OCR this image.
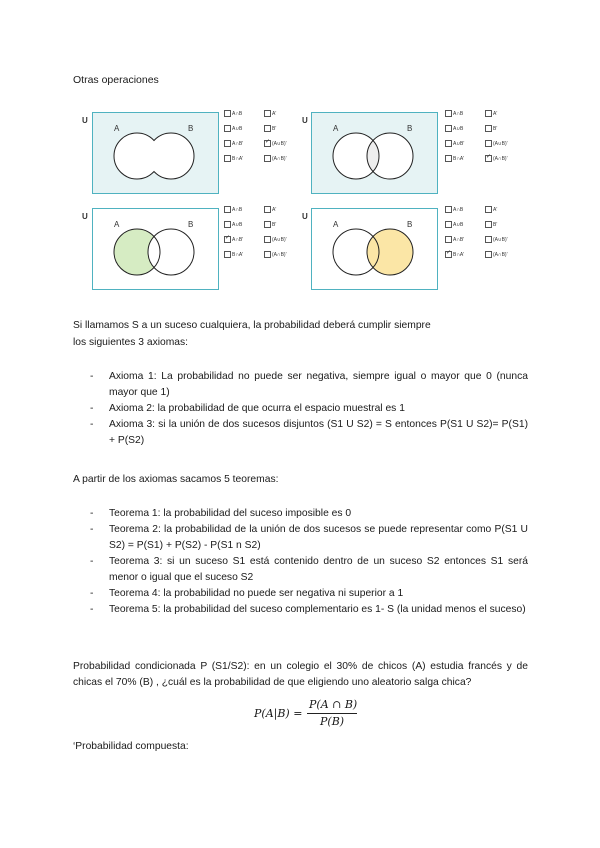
Otras operaciones
U
A	B
A∩B
A∪B
A∩B'
B∩A'
A'
B'
✓(A∪B)'
(A∩B)'
U
A	B
A∩B
A∪B
A∪B'
B∩A'
A'
B'
(A∪B)'
✓(A∩B)'
U
A	B
A∩B
A∪B
✓A∩B'
B∩A'
A'
B'
(A∪B)'
(A∩B)'
U
A	B
A∩B
A∪B
A∩B'
✓B∩A'
A'
B'
(A∪B)'
(A∩B)'
Si llamamos S a un suceso cualquiera, la probabilidad deberá cumplir siempre
los siguientes 3 axiomas:
- Axioma 1: La probabilidad no puede ser negativa, siempre igual o mayor que 0 (nunca mayor que 1)
- Axioma 2: la probabilidad de que ocurra el espacio muestral es 1
- Axioma 3: si la unión de dos sucesos disjuntos (S1 U S2) = S entonces P(S1 U S2)= P(S1) + P(S2)
A partir de los axiomas sacamos 5 teoremas:
- Teorema 1: la probabilidad del suceso imposible es 0
- Teorema 2: la probabilidad de la unión de dos sucesos se puede representar como P(S1 U S2) = P(S1) + P(S2) - P(S1 n S2)
- Teorema 3: si un suceso S1 está contenido dentro de un suceso S2 entonces S1 será menor o igual que el suceso S2
- Teorema 4: la probabilidad no puede ser negativa ni superior a 1
- Teorema 5: la probabilidad del suceso complementario es 1- S (la unidad menos el suceso)
Probabilidad condicionada P (S1/S2): en un colegio el 30% de chicos (A) estudia francés y de chicas el 70% (B) , ¿cuál es la probabilidad de que eligiendo uno aleatorio salga chica?
P(A|B) =
P(A ∩ B)
P(B)
‘Probabilidad compuesta:
